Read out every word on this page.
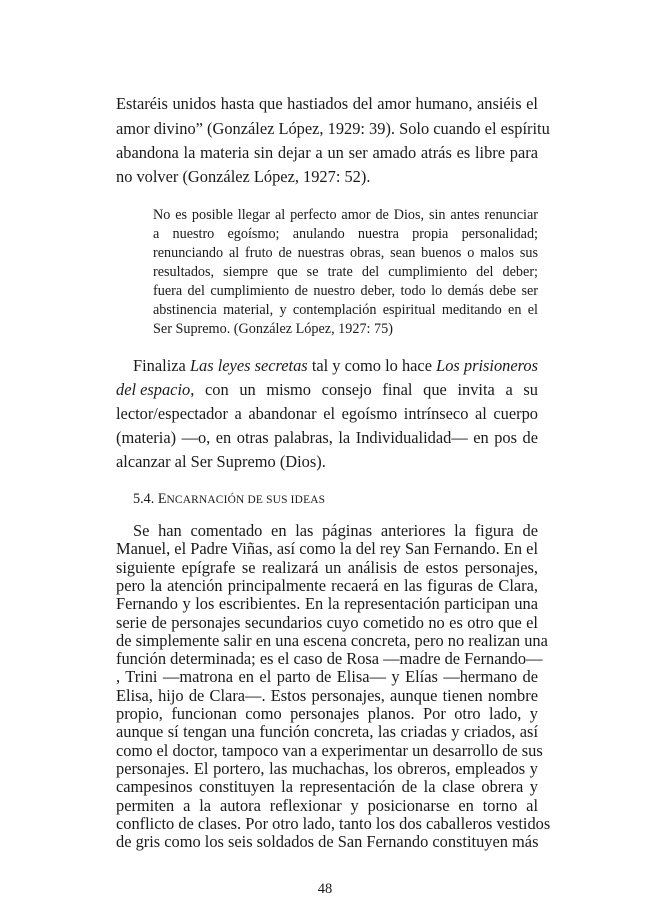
Estaréis unidos hasta que hastiados del amor humano, ansiéis el
amor divino” (González López, 1929: 39). Solo cuando el espíritu
abandona la materia sin dejar a un ser amado atrás es libre para
no volver (González López, 1927: 52).
No es posible llegar al perfecto amor de Dios, sin antes renunciar
a nuestro egoísmo; anulando nuestra propia personalidad;
renunciando al fruto de nuestras obras, sean buenos o malos sus
resultados, siempre que se trate del cumplimiento del deber;
fuera del cumplimiento de nuestro deber, todo lo demás debe ser
abstinencia material, y contemplación espiritual meditando en el
Ser Supremo. (González López, 1927: 75)
Finaliza Las leyes secretas tal y como lo hace Los prisioneros
del espacio , con un mismo consejo final que invita a su
lector/espectador a abandonar el egoísmo intrínseco al cuerpo
(materia) —o, en otras palabras, la Individualidad— en pos de
alcanzar al Ser Supremo (Dios).
5.4. ENCARNACIÓN DE SUS IDEAS
Se han comentado en las páginas anteriores la figura de
Manuel, el Padre Viñas, así como la del rey San Fernando. En el
siguiente epígrafe se realizará un análisis de estos personajes,
pero la atención principalmente recaerá en las figuras de Clara,
Fernando y los escribientes. En la representación participan una
serie de personajes secundarios cuyo cometido no es otro que el
de simplemente salir en una escena concreta, pero no realizan una
función determinada; es el caso de Rosa —madre de Fernando—
, Trini —matrona en el parto de Elisa— y Elías —hermano de
Elisa, hijo de Clara—. Estos personajes, aunque tienen nombre
propio, funcionan como personajes planos. Por otro lado, y
aunque sí tengan una función concreta, las criadas y criados, así
como el doctor, tampoco van a experimentar un desarrollo de sus
personajes. El portero, las muchachas, los obreros, empleados y
campesinos constituyen la representación de la clase obrera y
permiten a la autora reflexionar y posicionarse en torno al
conflicto de clases. Por otro lado, tanto los dos caballeros vestidos
de gris como los seis soldados de San Fernando constituyen más
48
